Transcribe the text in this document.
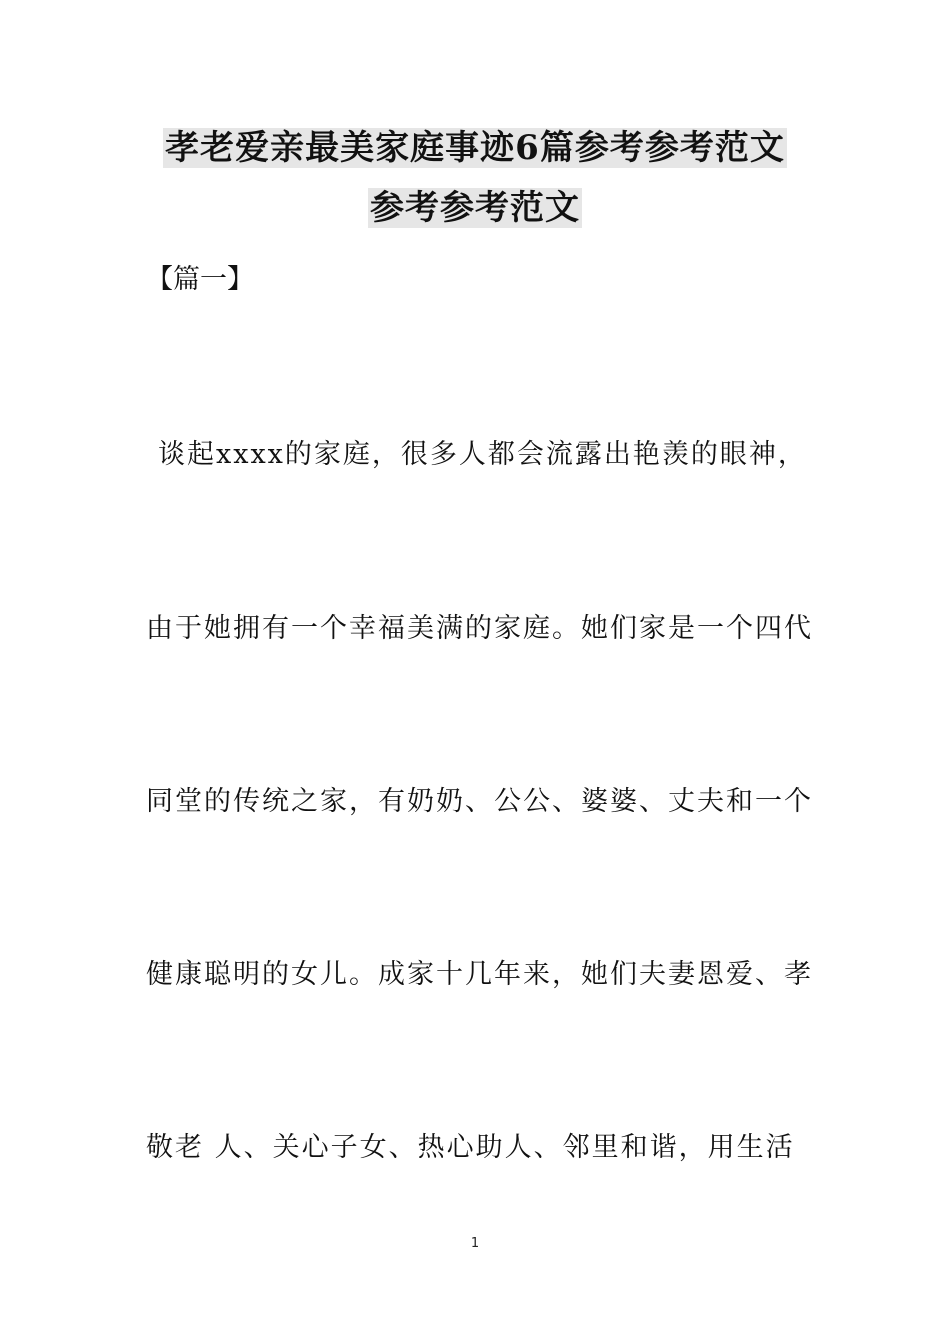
孝老爱亲最美家庭事迹6篇参考参考范文
参考参考范文
【篇一】
谈起xxxx的家庭，很多人都会流露出艳羡的眼神，
由于她拥有一个幸福美满的家庭。她们家是一个四代
同堂的传统之家，有奶奶、公公、婆婆、丈夫和一个
健康聪明的女儿。成家十几年来，她们夫妻恩爱、孝
敬老 人、关心子女、热心助人、邻里和谐，用生活
1
